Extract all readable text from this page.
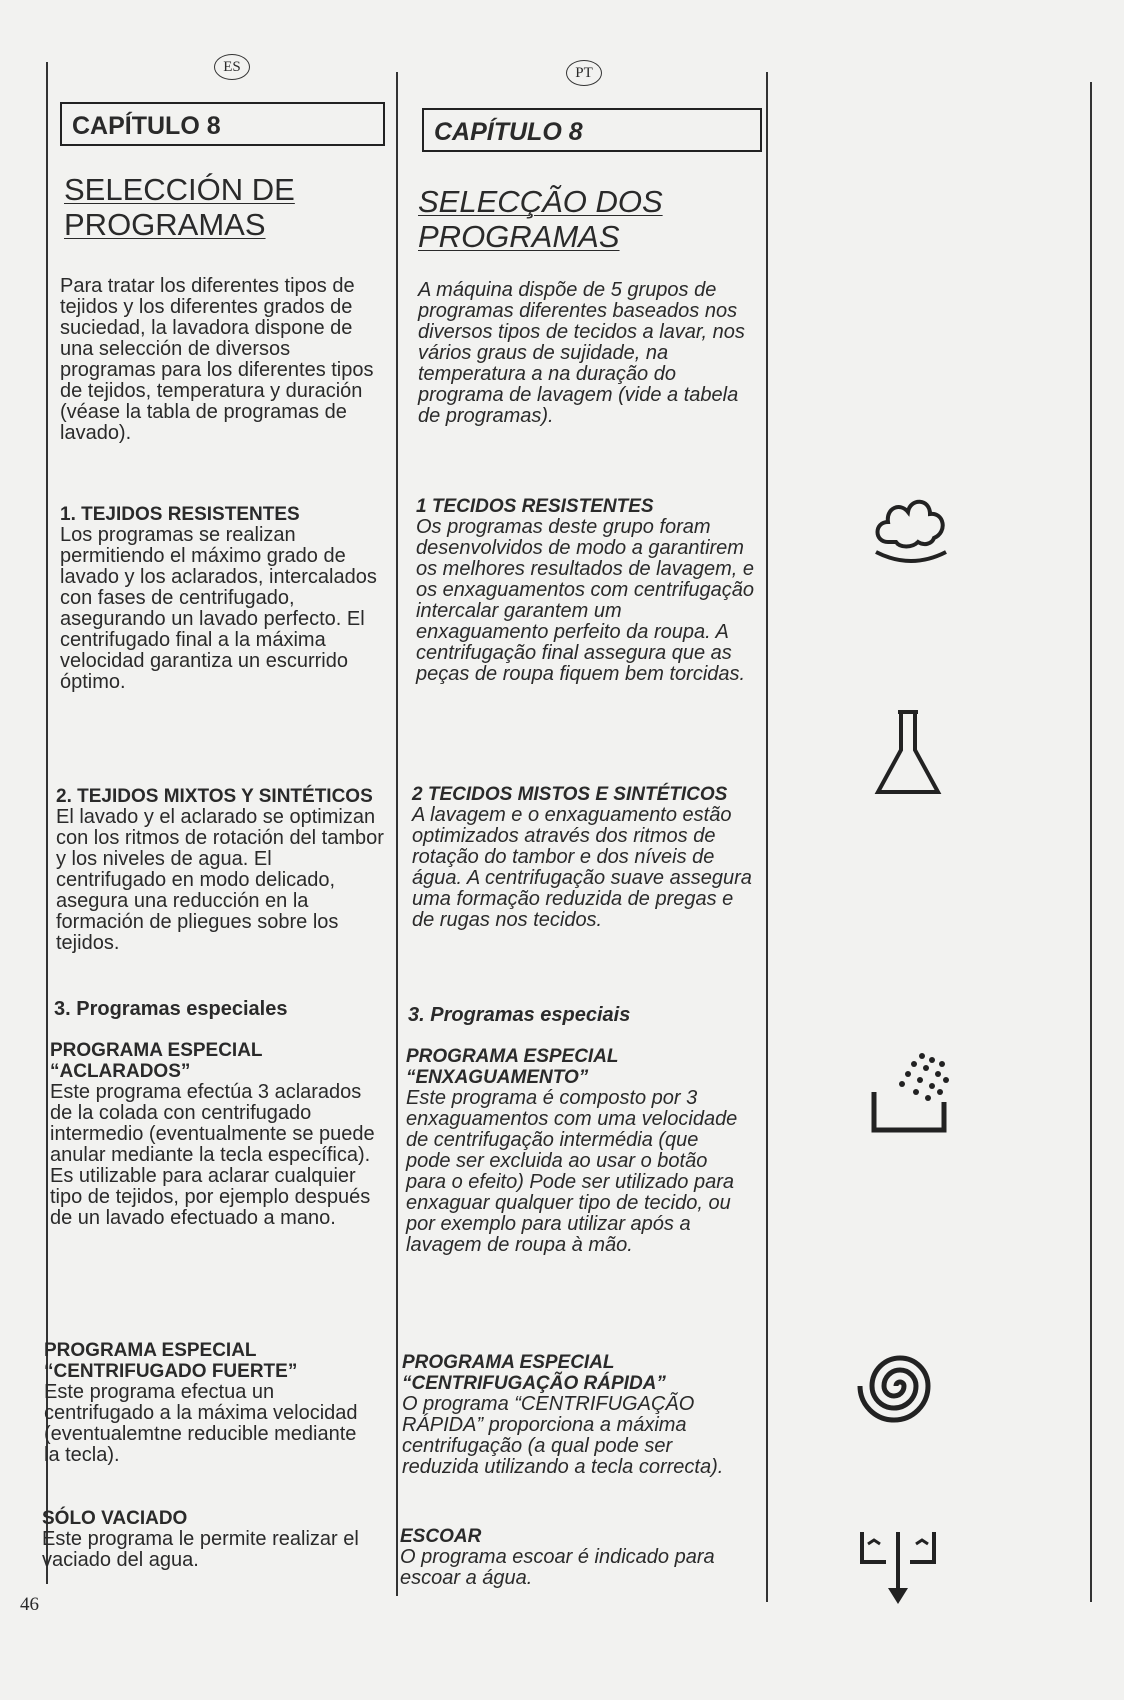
ES
CAPÍTULO 8
SELECCIÓN DE
PROGRAMAS

Para tratar los diferentes tipos de tejidos y los diferentes grados de suciedad, la lavadora dispone de una selección de diversos programas para los diferentes tipos de tejidos, temperatura y duración (véase la tabla de programas de lavado).

1. TEJIDOS RESISTENTES

Los programas se realizan permitiendo el máximo grado de lavado y los aclarados, intercalados con fases de centrifugado, asegurando un lavado perfecto. El centrifugado final a la máxima velocidad garantiza un escurrido óptimo.

2. TEJIDOS MIXTOS Y SINTÉTICOS

El lavado y el aclarado se optimizan con los ritmos de rotación del tambor y los niveles de agua. El centrifugado en modo delicado, asegura una reducción en la formación de pliegues sobre los tejidos.

3. Programas especiales

PROGRAMA ESPECIAL

“ACLARADOS”

Este programa efectúa 3 aclarados de la colada con centrifugado intermedio (eventualmente se puede anular mediante la tecla específica). Es utilizable para aclarar cualquier tipo de tejidos, por ejemplo después de un lavado efectuado a mano.

PROGRAMA ESPECIAL

“CENTRIFUGADO FUERTE”

Este programa efectua un centrifugado a la máxima velocidad (eventualemtne reducible mediante la tecla).

SÓLO VACIADO

Este programa le permite realizar el vaciado del agua.

PT
CAPÍTULO 8
SELECÇÃO DOS
PROGRAMAS

A máquina dispõe de 5 grupos de programas diferentes baseados nos diversos tipos de tecidos a lavar, nos vários graus de sujidade, na temperatura a na duração do programa de lavagem (vide a tabela de programas).

1 TECIDOS RESISTENTES

Os programas deste grupo foram desenvolvidos de modo a garantirem os melhores resultados de lavagem, e os enxaguamentos com centrifugação intercalar garantem um enxaguamento perfeito da roupa. A centrifugação final assegura que as peças de roupa fiquem bem torcidas.

2 TECIDOS MISTOS E SINTÉTICOS

A lavagem e o enxaguamento estão optimizados através dos ritmos de rotação do tambor e dos níveis de água. A centrifugação suave assegura uma formação reduzida de pregas e de rugas nos tecidos.

3. Programas especiais

PROGRAMA ESPECIAL

“ENXAGUAMENTO”

Este programa é composto por 3 enxaguamentos com uma velocidade de centrifugação intermédia (que pode ser excluida ao usar o botão para o efeito) Pode ser utilizado para enxaguar qualquer tipo de tecido, ou por exemplo para utilizar após a lavagem de roupa à mão.

PROGRAMA ESPECIAL

“CENTRIFUGAÇÃO RÁPIDA”

O programa “CENTRIFUGAÇÃO RÁPIDA” proporciona a máxima centrifugação (a qual pode ser reduzida utilizando a tecla correcta).

ESCOAR

O programa escoar é indicado para escoar a água.

46
